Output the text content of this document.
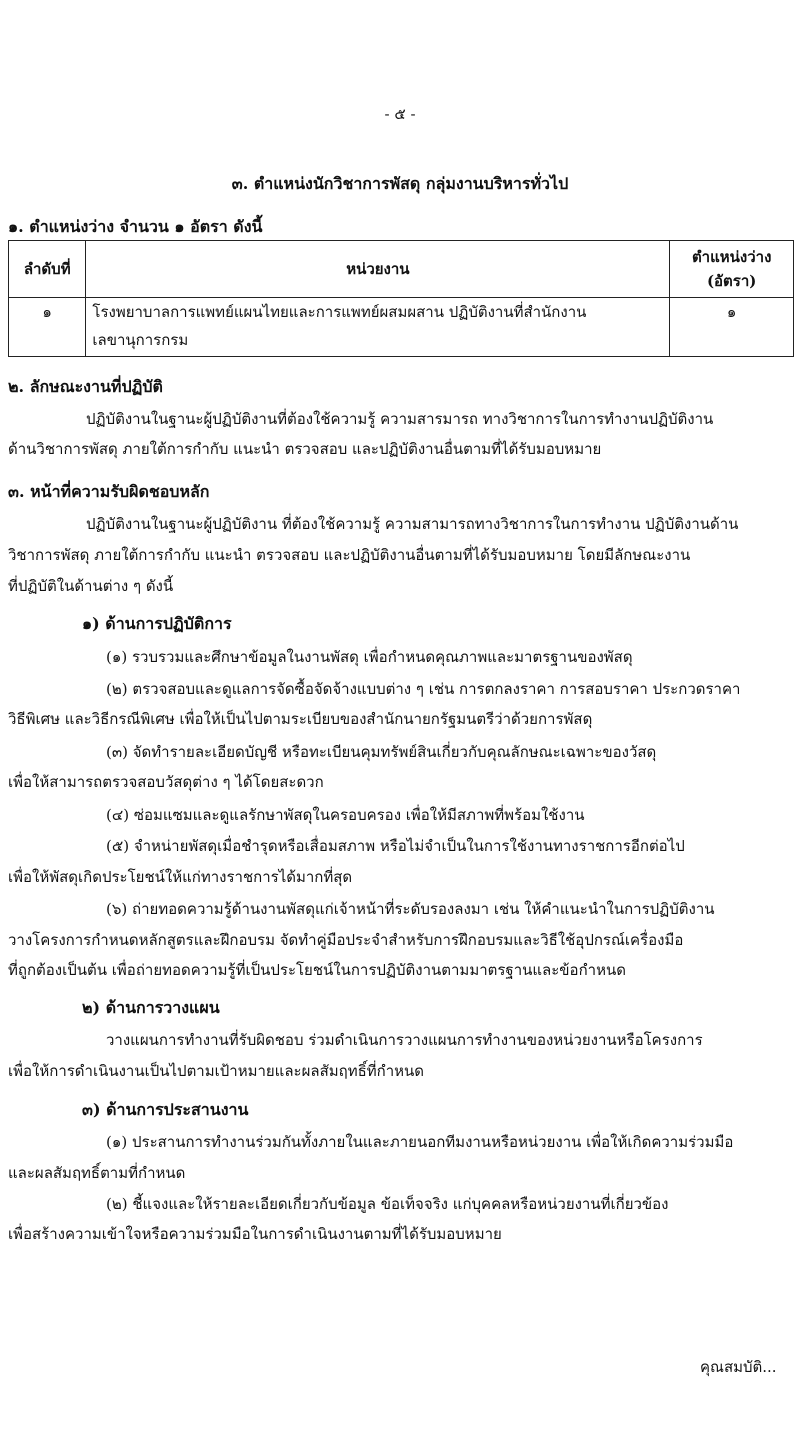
- ๕ -
๓. ตำแหน่งนักวิชาการพัสดุ กลุ่มงานบริหารทั่วไป
๑. ตำแหน่งว่าง จำนวน ๑ อัตรา ดังนี้
ลำดับที่	หน่วยงาน	ตำแหน่งว่าง
(อัตรา)

๑	โรงพยาบาลการแพทย์แผนไทยและการแพทย์ผสมผสาน ปฏิบัติงานที่สำนักงาน
เลขานุการกรม	๑
๒. ลักษณะงานที่ปฏิบัติ
ปฏิบัติงานในฐานะผู้ปฏิบัติงานที่ต้องใช้ความรู้ ความสารมารถ ทางวิชาการในการทำงานปฏิบัติงาน
ด้านวิชาการพัสดุ ภายใต้การกำกับ แนะนำ ตรวจสอบ และปฏิบัติงานอื่นตามที่ได้รับมอบหมาย
๓. หน้าที่ความรับผิดชอบหลัก
ปฏิบัติงานในฐานะผู้ปฏิบัติงาน ที่ต้องใช้ความรู้ ความสามารถทางวิชาการในการทำงาน ปฏิบัติงานด้าน
วิชาการพัสดุ ภายใต้การกำกับ แนะนำ ตรวจสอบ และปฏิบัติงานอื่นตามที่ได้รับมอบหมาย โดยมีลักษณะงาน
ที่ปฏิบัติในด้านต่าง ๆ ดังนี้
๑) ด้านการปฏิบัติการ
(๑) รวบรวมและศึกษาข้อมูลในงานพัสดุ เพื่อกำหนดคุณภาพและมาตรฐานของพัสดุ
(๒) ตรวจสอบและดูแลการจัดซื้อจัดจ้างแบบต่าง ๆ เช่น การตกลงราคา การสอบราคา ประกวดราคา
วิธีพิเศษ และวิธีกรณีพิเศษ เพื่อให้เป็นไปตามระเบียบของสำนักนายกรัฐมนตรีว่าด้วยการพัสดุ
(๓) จัดทำรายละเอียดบัญชี หรือทะเบียนคุมทรัพย์สินเกี่ยวกับคุณลักษณะเฉพาะของวัสดุ
เพื่อให้สามารถตรวจสอบวัสดุต่าง ๆ ได้โดยสะดวก
(๔) ซ่อมแซมและดูแลรักษาพัสดุในครอบครอง เพื่อให้มีสภาพที่พร้อมใช้งาน
(๕) จำหน่ายพัสดุเมื่อชำรุดหรือเสื่อมสภาพ หรือไม่จำเป็นในการใช้งานทางราชการอีกต่อไป
เพื่อให้พัสดุเกิดประโยชน์ให้แก่ทางราชการได้มากที่สุด
(๖) ถ่ายทอดความรู้ด้านงานพัสดุแก่เจ้าหน้าที่ระดับรองลงมา เช่น ให้คำแนะนำในการปฏิบัติงาน
วางโครงการกำหนดหลักสูตรและฝึกอบรม จัดทำคู่มือประจำสำหรับการฝึกอบรมและวิธีใช้อุปกรณ์เครื่องมือ
ที่ถูกต้องเป็นต้น เพื่อถ่ายทอดความรู้ที่เป็นประโยชน์ในการปฏิบัติงานตามมาตรฐานและข้อกำหนด
๒) ด้านการวางแผน
วางแผนการทำงานที่รับผิดชอบ ร่วมดำเนินการวางแผนการทำงานของหน่วยงานหรือโครงการ
เพื่อให้การดำเนินงานเป็นไปตามเป้าหมายและผลสัมฤทธิ์ที่กำหนด
๓) ด้านการประสานงาน
(๑) ประสานการทำงานร่วมกันทั้งภายในและภายนอกทีมงานหรือหน่วยงาน เพื่อให้เกิดความร่วมมือ
และผลสัมฤทธิ์ตามที่กำหนด
(๒) ชี้แจงและให้รายละเอียดเกี่ยวกับข้อมูล ข้อเท็จจริง แก่บุคคลหรือหน่วยงานที่เกี่ยวข้อง
เพื่อสร้างความเข้าใจหรือความร่วมมือในการดำเนินงานตามที่ได้รับมอบหมาย
คุณสมบัติ...
